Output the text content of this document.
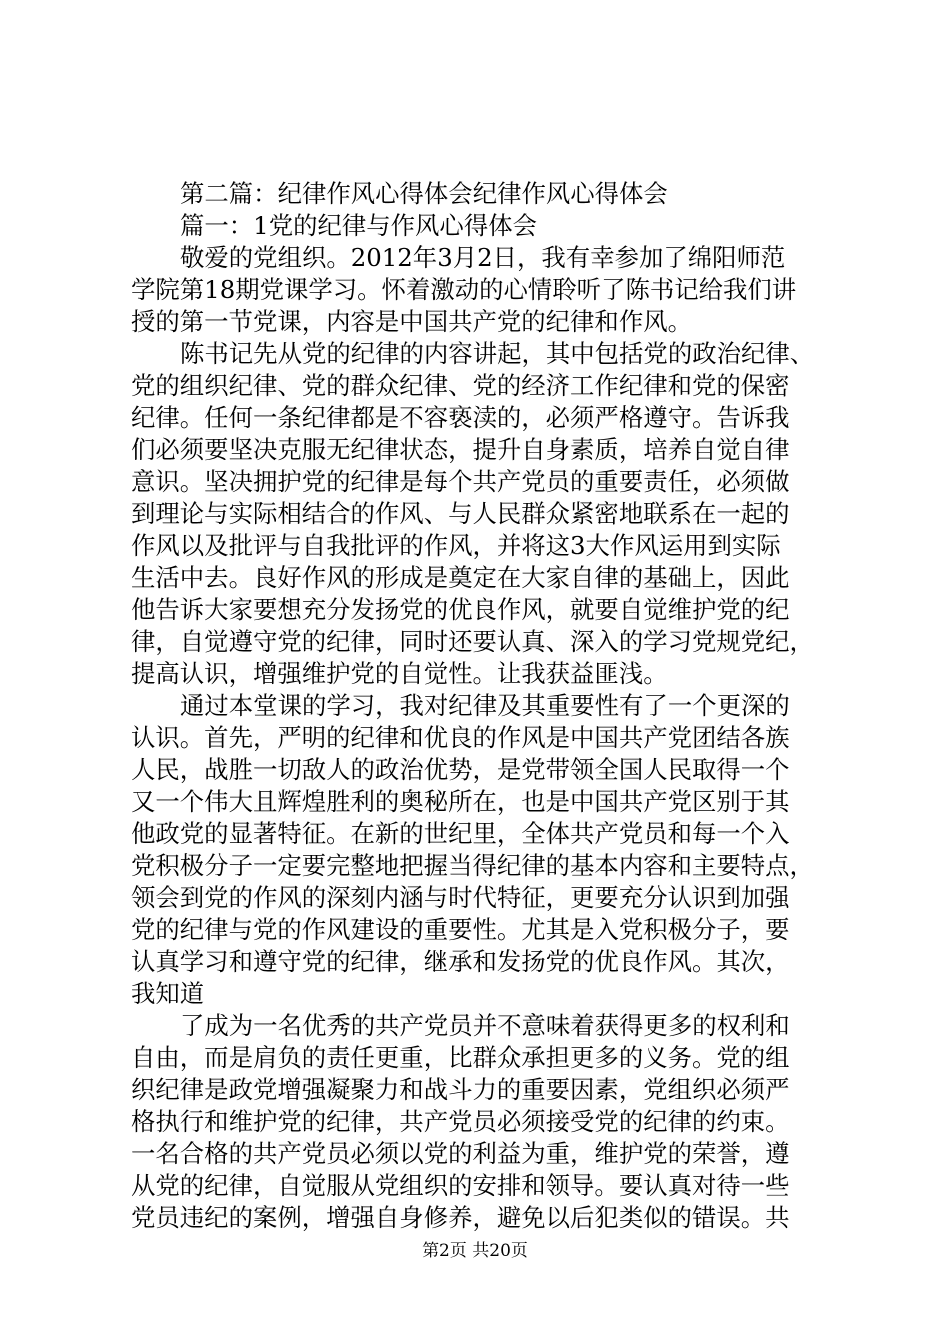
第二篇：纪律作风心得体会纪律作风心得体会
篇一：1党的纪律与作风心得体会
敬爱的党组织。2012年3月2日，我有幸参加了绵阳师范
学院第18期党课学习。怀着激动的心情聆听了陈书记给我们讲
授的第一节党课，内容是中国共产党的纪律和作风。
陈书记先从党的纪律的内容讲起，其中包括党的政治纪律、
党的组织纪律、党的群众纪律、党的经济工作纪律和党的保密
纪律。任何一条纪律都是不容亵渎的，必须严格遵守。告诉我
们必须要坚决克服无纪律状态，提升自身素质，培养自觉自律
意识。坚决拥护党的纪律是每个共产党员的重要责任，必须做
到理论与实际相结合的作风、与人民群众紧密地联系在一起的
作风以及批评与自我批评的作风，并将这3大作风运用到实际
生活中去。良好作风的形成是奠定在大家自律的基础上，因此
他告诉大家要想充分发扬党的优良作风，就要自觉维护党的纪
律，自觉遵守党的纪律，同时还要认真、深入的学习党规党纪，
提高认识，增强维护党的自觉性。让我获益匪浅。
通过本堂课的学习，我对纪律及其重要性有了一个更深的
认识。首先，严明的纪律和优良的作风是中国共产党团结各族
人民，战胜一切敌人的政治优势，是党带领全国人民取得一个
又一个伟大且辉煌胜利的奥秘所在，也是中国共产党区别于其
他政党的显著特征。在新的世纪里，全体共产党员和每一个入
党积极分子一定要完整地把握当得纪律的基本内容和主要特点，
领会到党的作风的深刻内涵与时代特征，更要充分认识到加强
党的纪律与党的作风建设的重要性。尤其是入党积极分子，要
认真学习和遵守党的纪律，继承和发扬党的优良作风。其次，
我知道
了成为一名优秀的共产党员并不意味着获得更多的权利和
自由，而是肩负的责任更重，比群众承担更多的义务。党的组
织纪律是政党增强凝聚力和战斗力的重要因素，党组织必须严
格执行和维护党的纪律，共产党员必须接受党的纪律的约束。
一名合格的共产党员必须以党的利益为重，维护党的荣誉，遵
从党的纪律，自觉服从党组织的安排和领导。要认真对待一些
党员违纪的案例，增强自身修养，避免以后犯类似的错误。共
第2页 共20页
